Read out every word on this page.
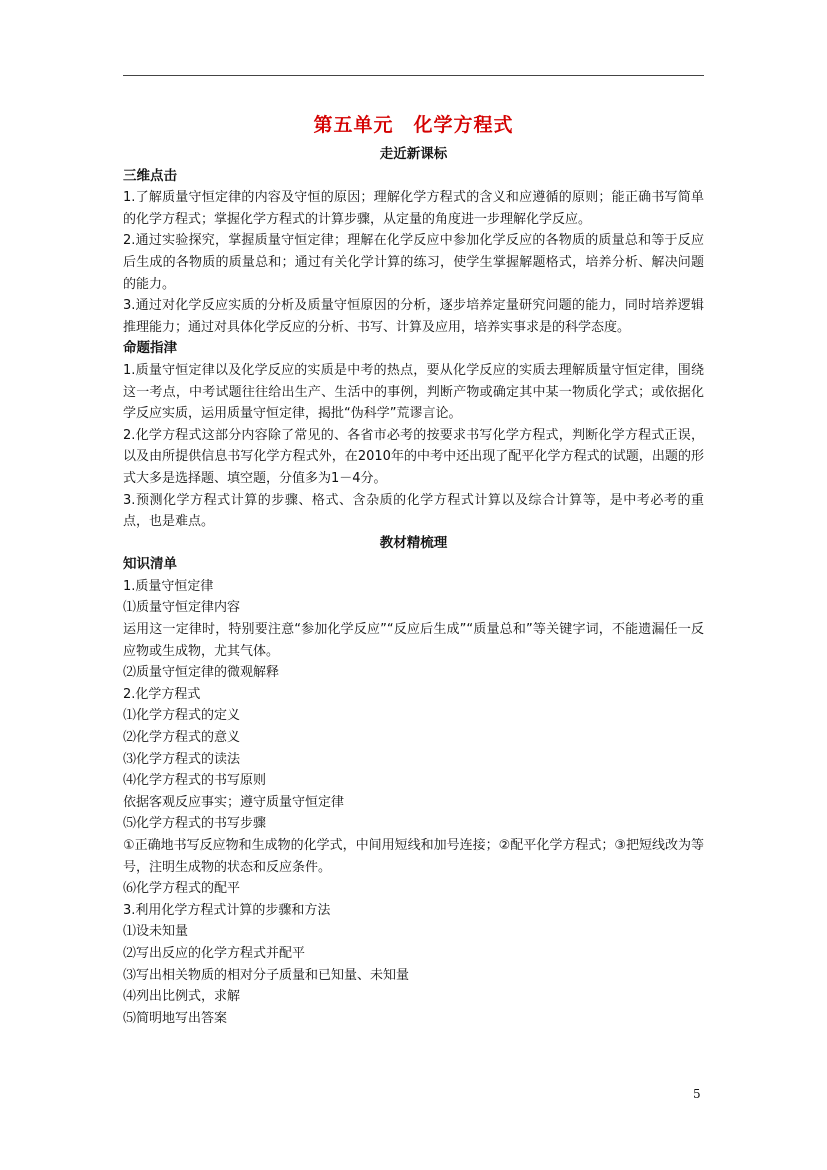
第五单元　化学方程式
走近新课标
三维点击

1.了解质量守恒定律的内容及守恒的原因；理解化学方程式的含义和应遵循的原则；能正确书写简单的化学方程式；掌握化学方程式的计算步骤，从定量的角度进一步理解化学反应。

2.通过实验探究，掌握质量守恒定律；理解在化学反应中参加化学反应的各物质的质量总和等于反应后生成的各物质的质量总和；通过有关化学计算的练习，使学生掌握解题格式，培养分析、解决问题的能力。

3.通过对化学反应实质的分析及质量守恒原因的分析，逐步培养定量研究问题的能力，同时培养逻辑推理能力；通过对具体化学反应的分析、书写、计算及应用，培养实事求是的科学态度。

命题指津

1.质量守恒定律以及化学反应的实质是中考的热点，要从化学反应的实质去理解质量守恒定律，围绕这一考点，中考试题往往给出生产、生活中的事例，判断产物或确定其中某一物质化学式；或依据化学反应实质，运用质量守恒定律，揭批“伪科学”荒谬言论。

2.化学方程式这部分内容除了常见的、各省市必考的按要求书写化学方程式，判断化学方程式正误，以及由所提供信息书写化学方程式外，在2010年的中考中还出现了配平化学方程式的试题，出题的形式大多是选择题、填空题，分值多为1－4分。

3.预测化学方程式计算的步骤、格式、含杂质的化学方程式计算以及综合计算等，是中考必考的重点，也是难点。

教材精梳理
知识清单

1.质量守恒定律

⑴质量守恒定律内容

运用这一定律时，特别要注意“参加化学反应”“反应后生成”“质量总和”等关键字词，不能遗漏任一反应物或生成物，尤其气体。

⑵质量守恒定律的微观解释

2.化学方程式

⑴化学方程式的定义

⑵化学方程式的意义

⑶化学方程式的读法

⑷化学方程式的书写原则

依据客观反应事实；遵守质量守恒定律

⑸化学方程式的书写步骤

①正确地书写反应物和生成物的化学式，中间用短线和加号连接；②配平化学方程式；③把短线改为等号，注明生成物的状态和反应条件。

⑹化学方程式的配平

3.利用化学方程式计算的步骤和方法

⑴设未知量

⑵写出反应的化学方程式并配平

⑶写出相关物质的相对分子质量和已知量、未知量

⑷列出比例式，求解

⑸简明地写出答案

5
